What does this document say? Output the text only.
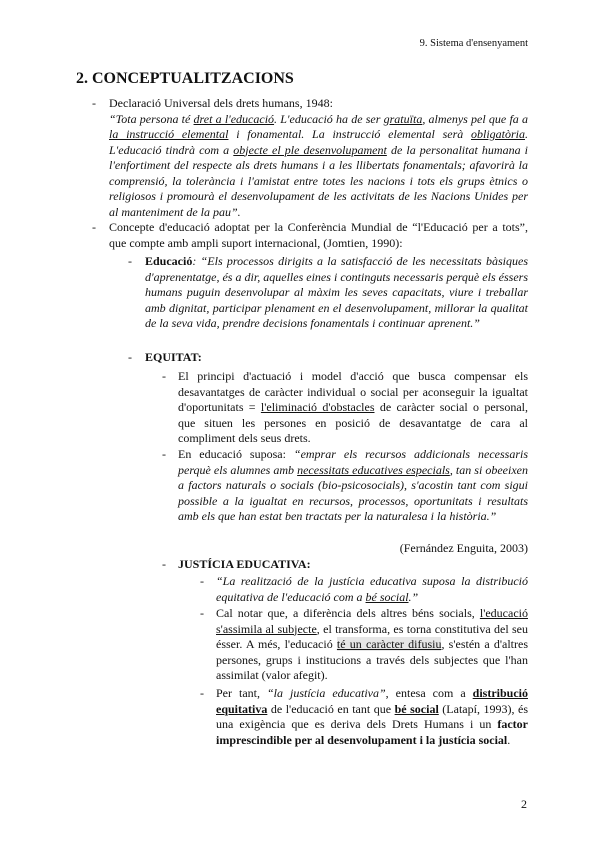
9. Sistema d'ensenyament
2. CONCEPTUALITZACIONS
- Declaració Universal dels drets humans, 1948:
“Tota persona té dret a l'educació. L'educació ha de ser gratuïta, almenys pel que fa a la instrucció elemental i fonamental. La instrucció elemental serà obligatòria. L'educació tindrà com a objecte el ple desenvolupament de la personalitat humana i l'enfortiment del respecte als drets humans i a les llibertats fonamentals; afavorirà la comprensió, la tolerància i l'amistat entre totes les nacions i tots els grups ètnics o religiosos i promourà el desenvolupament de les activitats de les Nacions Unides per al manteniment de la pau”.
- Concepte d'educació adoptat per la Conferència Mundial de “l'Educació per a tots”, que compte amb ampli suport internacional, (Jomtien, 1990):
- Educació: “Els processos dirigits a la satisfacció de les necessitats bàsiques d'aprenentatge, és a dir, aquelles eines i continguts necessaris perquè els éssers humans puguin desenvolupar al màxim les seves capacitats, viure i treballar amb dignitat, participar plenament en el desenvolupament, millorar la qualitat de la seva vida, prendre decisions fonamentals i continuar aprenent.”
- EQUITAT:
- El principi d'actuació i model d'acció que busca compensar els desavantatges de caràcter individual o social per aconseguir la igualtat d'oportunitats = l'eliminació d'obstacles de caràcter social o personal, que situen les persones en posició de desavantatge de cara al compliment dels seus drets.
- En educació suposa: “emprar els recursos addicionals necessaris perquè els alumnes amb necessitats educatives especials, tan si obeeixen a factors naturals o socials (bio-psicosocials), s'acostin tant com sigui possible a la igualtat en recursos, processos, oportunitats i resultats amb els que han estat ben tractats per la naturalesa i la història.”
(Fernández Enguita, 2003)
- JUSTÍCIA EDUCATIVA:
- “La realització de la justícia educativa suposa la distribució equitativa de l'educació com a bé social.”
- Cal notar que, a diferència dels altres béns socials, l'educació s'assimila al subjecte, el transforma, es torna constitutiva del seu ésser. A més, l'educació té un caràcter difusiu, s'estén a d'altres persones, grups i institucions a través dels subjectes que l'han assimilat (valor afegit).
- Per tant, “la justícia educativa”, entesa com a distribució equitativa de l'educació en tant que bé social (Latapí, 1993), és una exigència que es deriva dels Drets Humans i un factor imprescindible per al desenvolupament i la justícia social.
2
